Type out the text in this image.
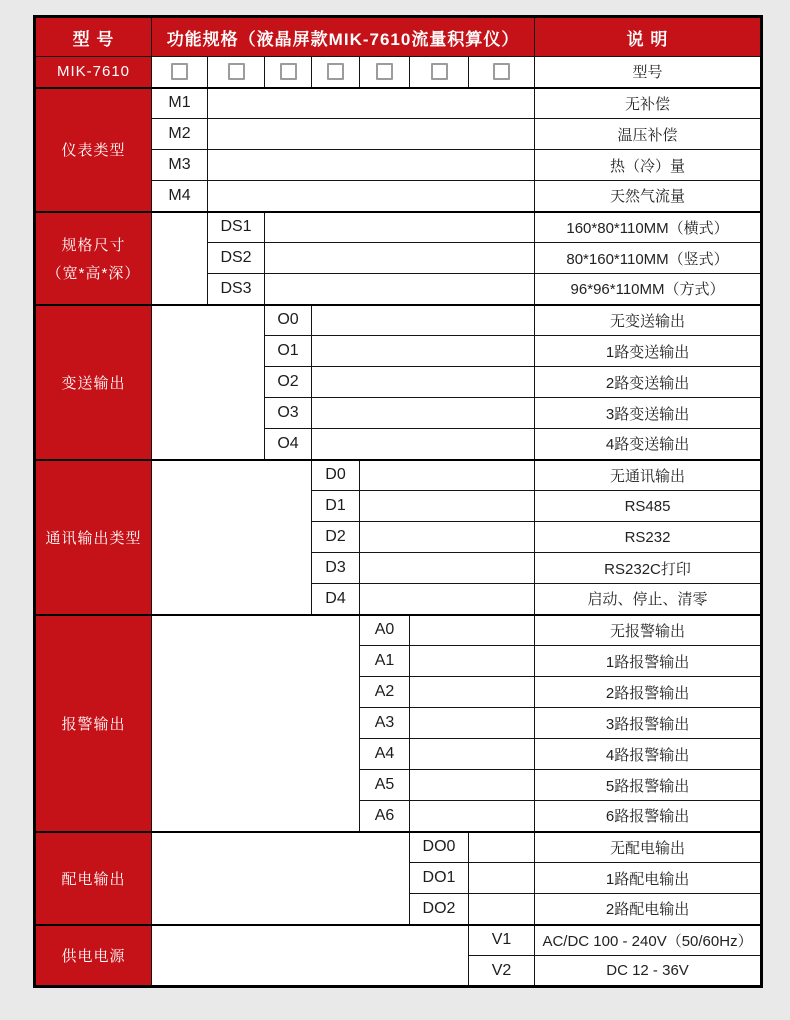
型 号	功能规格（液晶屏款MIK-7610流量积算仪）							说 明
MIK-7610								型号
仪表类型	M1							无补偿
	M2							温压补偿
	M3							热（冷）量
	M4							天然气流量

规格尺寸
（宽*高*深）		DS1						160*80*110MM（横式）
		DS2						80*160*110MM（竖式）
		DS3						96*96*110MM（方式）
变送输出			O0					无变送输出
			O1					1路变送输出
			O2					2路变送输出
			O3					3路变送输出
			O4					4路变送输出
通讯输出类型				D0				无通讯输出
				D1				RS485
				D2				RS232
				D3				RS232C打印
				D4				启动、停止、清零
报警输出					A0			无报警输出
					A1			1路报警输出
					A2			2路报警输出
					A3			3路报警输出
					A4			4路报警输出
					A5			5路报警输出
					A6			6路报警输出
配电输出						DO0		无配电输出
						DO1		1路配电输出
						DO2		2路配电输出
供电电源							V1	AC/DC 100 - 240V（50/60Hz）
							V2	DC 12 - 36V
